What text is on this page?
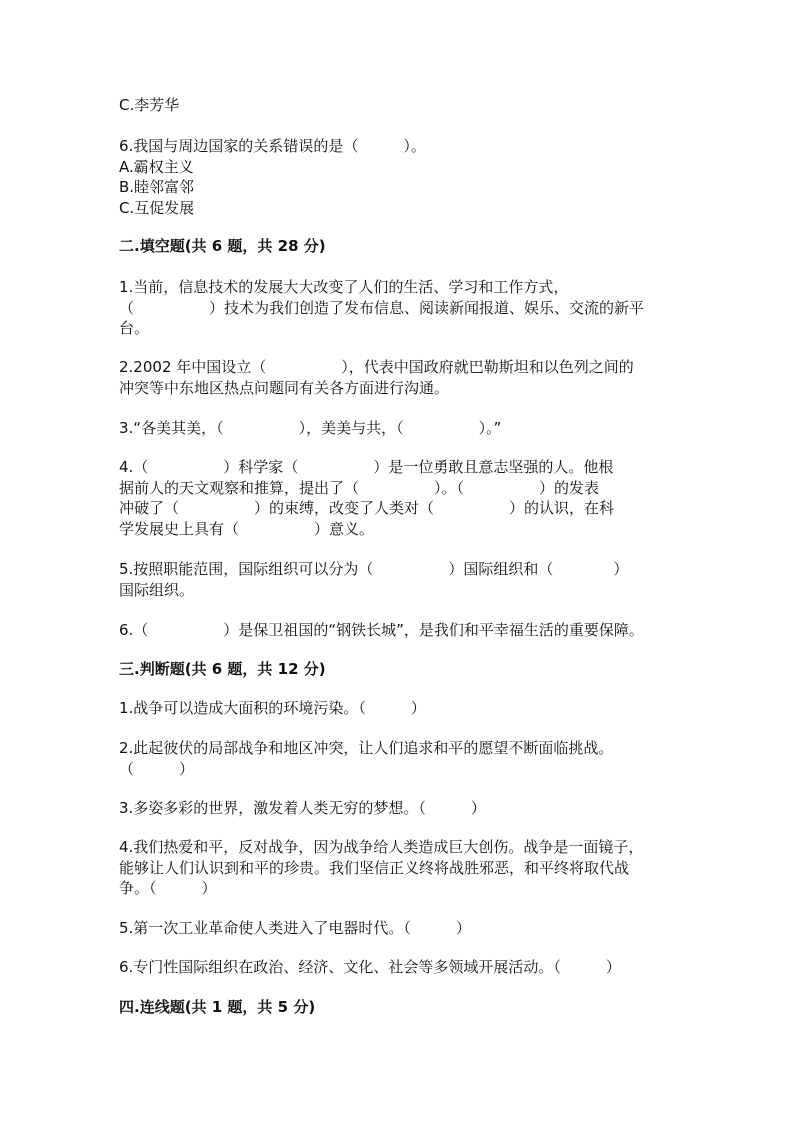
C.李芳华
6.我国与周边国家的关系错误的是（　　　）。
A.霸权主义
B.睦邻富邻
C.互促发展
二.填空题(共 6 题，共 28 分)
1.当前，信息技术的发展大大改变了人们的生活、学习和工作方式，
（　　　　　）技术为我们创造了发布信息、阅读新闻报道、娱乐、交流的新平
台。
2.2002 年中国设立（　　　　　），代表中国政府就巴勒斯坦和以色列之间的
冲突等中东地区热点问题同有关各方面进行沟通。
3.“各美其美，（　　　　　），美美与共，（　　　　　）。”
4.（　　　　　）科学家（　　　　　）是一位勇敢且意志坚强的人。他根
据前人的天文观察和推算，提出了（　　　　　）。（　　　　　）的发表
冲破了（　　　　　）的束缚，改变了人类对（　　　　　）的认识，在科
学发展史上具有（　　　　　）意义。
5.按照职能范围，国际组织可以分为（　　　　　）国际组织和（　　　　）
国际组织。
6.（　　　　　）是保卫祖国的“钢铁长城”，是我们和平幸福生活的重要保障。
三.判断题(共 6 题，共 12 分)
1.战争可以造成大面积的环境污染。（　　　）
2.此起彼伏的局部战争和地区冲突，让人们追求和平的愿望不断面临挑战。
（　　　）
3.多姿多彩的世界，激发着人类无穷的梦想。（　　　）
4.我们热爱和平，反对战争，因为战争给人类造成巨大创伤。战争是一面镜子，
能够让人们认识到和平的珍贵。我们坚信正义终将战胜邪恶，和平终将取代战
争。（　　　）
5.第一次工业革命使人类进入了电器时代。（　　　）
6.专门性国际组织在政治、经济、文化、社会等多领域开展活动。（　　　）
四.连线题(共 1 题，共 5 分)
